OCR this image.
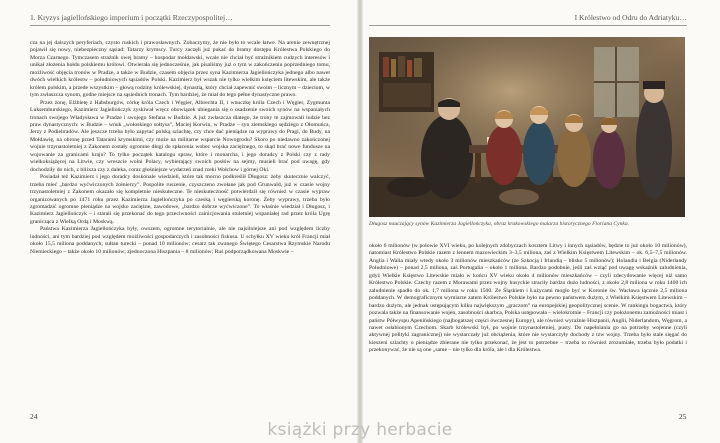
1. Kryzys jagiellońskiego imperium i początki Rzeczypospolitej…

cza na jej dalszych peryferiach, czysto ruskich i prawosławnych. Zobaczymy, że nie było to wcale łatwe. Na arenie zewnętrznej pojawił się nowy, niebezpieczny sąsiad: Tatarzy krymscy. Turcy zaczęli już pukać do bramy dostępu Królestwa Polskiego do Morza Czarnego. Tymczasem strażnik owej bramy – hospodar mołdawski, wcale nie chciał być strażnikiem cudzych interesów i unikał złożenia hołdu polskiemu królowi. Otwierała się jednocześnie, jak pisaliśmy już o tym w zakończeniu poprzedniego tomu, możliwość objęcia tronów w Pradze, a także w Budzie, czasem objęcia przez syna Kazimierza Jagiellończyka jednego albo nawet dwóch wielkich królestw – południowych sąsiadów Polski. Kazimierz był wszak nie tylko wielkim księciem litewskim, ale także królem polskim, a przede wszystkim – głową rodziny królewskiej, dynastią, który chciał zapewnić swoim – licznym – dzieciom, w tym zwłaszcza synom, godne miejsce na sąsiednich tronach. Tym bardziej, że miał do tego pełne dynastyczne prawo.

Przez żonę, Elżbietę z Habsburgów, córkę króla Czech i Węgier, Albrechta II, i wnuczkę króla Czech i Węgier, Zygmunta Luksemburskiego, Kazimierz Jagiellończyk zyskiwał wręcz obowiązek ubiegania się o osadzenie swoich synów na wspaniałych tronach swojego Władysława w Pradze i swojego Stefana w Budzie. A już zwłaszcza dlatego, że trony te zajmowali ludzie bez praw dynastycznych: w Budzie – wnuk „wołoskiego sołtysa”, Maciej Korwin, w Pradze – syn ziemskiego sędziego z Ołomuńca, Jerzy z Podiebradów. Ale jeszcze trzeba było zapytać polską szlachtę, czy chce dać pieniądze na wyprawy do Pragi, do Budy, na Mołdawię, na obronę przed Tatarami krymskimi, czy może na militarne wsparcie Nowogrodu? Skoro po niedawno zakończonej wojnie trzynastoletniej z Zakonem zostały ogromne długi do spłacenia wobec wojska zaciężnego, to skąd brać nowe fundusze na wojowanie za granicami kraju? To tylko początek katalogu spraw, które i monarcha, i jego doradcy z Polski czy z rady wielkoksiążęcej na Litwie, czy wreszcie wolni Polacy, wybierający swoich posłów na sejmy, musieli brać pod uwagę, gdy dochodziły do nich, z bliższa czy z daleka, coraz głośniejsze wydarzeń znad rzeki Wołchow i górnej Oki.

Posiadał też Kazimierz i jego doradcy doskonale wiedzieli, które tak mocno podkreślił Długosz: żeby skutecznie walczyć, trzeba mieć „bardzo wyćwiczonych żołnierzy”. Pospolite ruszenie, czyszczeno zwołane jak pod Grunwald, już w czasie wojny trzynastoletniej z Zakonem okazało się kompletnie nieskuteczne. Te nieskuteczność potwierdził się również w czasie wypraw organizowanych po 1471 roku przez Kazimierza Jagiellończyka po czeską i węgierską koronę. Żeby wyprawy, trzeba było zgromadzić ogromne pieniądze na wojsko zaciężne, zawodowe, „bardzo dobrze wyćwiczone”. To właśnie wiedział i Długosz, i Kazimierz Jagiellończyk – i starali się przekonać do tego przeciwności zainicjowania stuletniej wspaniałej rad przez króla Ugrę granicząca z Wielką Ordą i Moskwą.

Państwa Kazimierza Jagiellończyka były, owszem, ogromne terytorialnie, ale nie najsilniejsze ani pod względem liczby ludności, ani tym bardziej pod względem możliwości gospodarczych i zasobności fiskusa. U schyłku XV wieku król Francji miał około 15,5 miliona poddanych; sułtan turecki – ponad 10 milionów; cesarz tak zwanego Świętego Cesarstwa Rzymskie Narodu Niemieckiego – także około 10 milionów; zjednoczona Hiszpania – 8 milionów; Ruś podporządkowana Moskwie –

24
I Królestwo od Odru do Adriatyku…
Długosz nauczający synów Kazimierza Jagiellończyka, obraz krakowskiego malarza historycznego Floriana Cynka.

około 6 milionów (w połowie XVI wieku, po kolejnych zdobyczach kosztem Litwy i innych sąsiadów, będzie to już około 10 milionów), natomiast Królestwo Polskie razem z lennem mazowieckim 3–3,5 miliona, zaś z Wielkim Księstwem Litewskim – ok. 6,5–7,5 milionów. Anglia i Walia miały wtedy około 3 milionów mieszkańców (ze Szkocją i Irlandią – blisko 5 milionów); Holandia i Belgia (Niderlandy Południowe) – ponad 2,5 miliona, zaś Portugalia – około 1 miliona. Bardzo podobnie, jeśli zaś wziąć pod uwagę wskaźnik zaludnienia, gdyż Wielkie Księstwo Litewskie miało w końcu XV wieku około 4 milionów mieszkańców – czyli zdecydowanie więcej niż samo Królestwo Polskie. Czechy razem z Morawami przez wojny husyckie straciły bardzo dużo ludności, z około 2,8 miliona w roku 1400 ich zaludnienie spadło do ok. 1,7 miliona w roku 1500. Ze Śląskiem i Łużycami mogło być w Koronie św. Wacława łącznie 2,5 miliona poddanych. W demograficznym wymiarze zatem Królestwo Polskie było na pewno państwem dużym, z Wielkim Księstwem Litewskim – bardzo dużym, ale jednak ustępującym kilku największym „graczom” na europejskiej geopolitycznej scenie. W rankingu bogactwa, który pozwala także na finansowanie wojen, zasobności skarbca, Polska ustępowała – wielokrotnie – Francji czy położonemu zamożności miast i państw Półwyspu Apenińskiego (najbogatszej części ówczesnej Europy), ale również wyraźnie Hiszpanii, Anglii, Niderlandom, Węgrom, a nawet osłabionym Czechom. Skarb królewski był, po wojnie trzynastoletniej, pusty. Do napełniania go na potrzeby wojenne (czyli aktywnej polityki zagranicznej) nie wystarczały już obciążenia, które nie wystarczyły dochody z tzw wojny. Trzeba było stale sięgać do kieszeni szlachty o pieniądze zbierane nie tylko przekonać, że jest to potrzebne – trzeba to również zrozumiałe, trzeba było podatki i przekonywać, że nie są one „same – nie tylko dla króla, ale i dla Królestwa.

25
książki przy herbacie
